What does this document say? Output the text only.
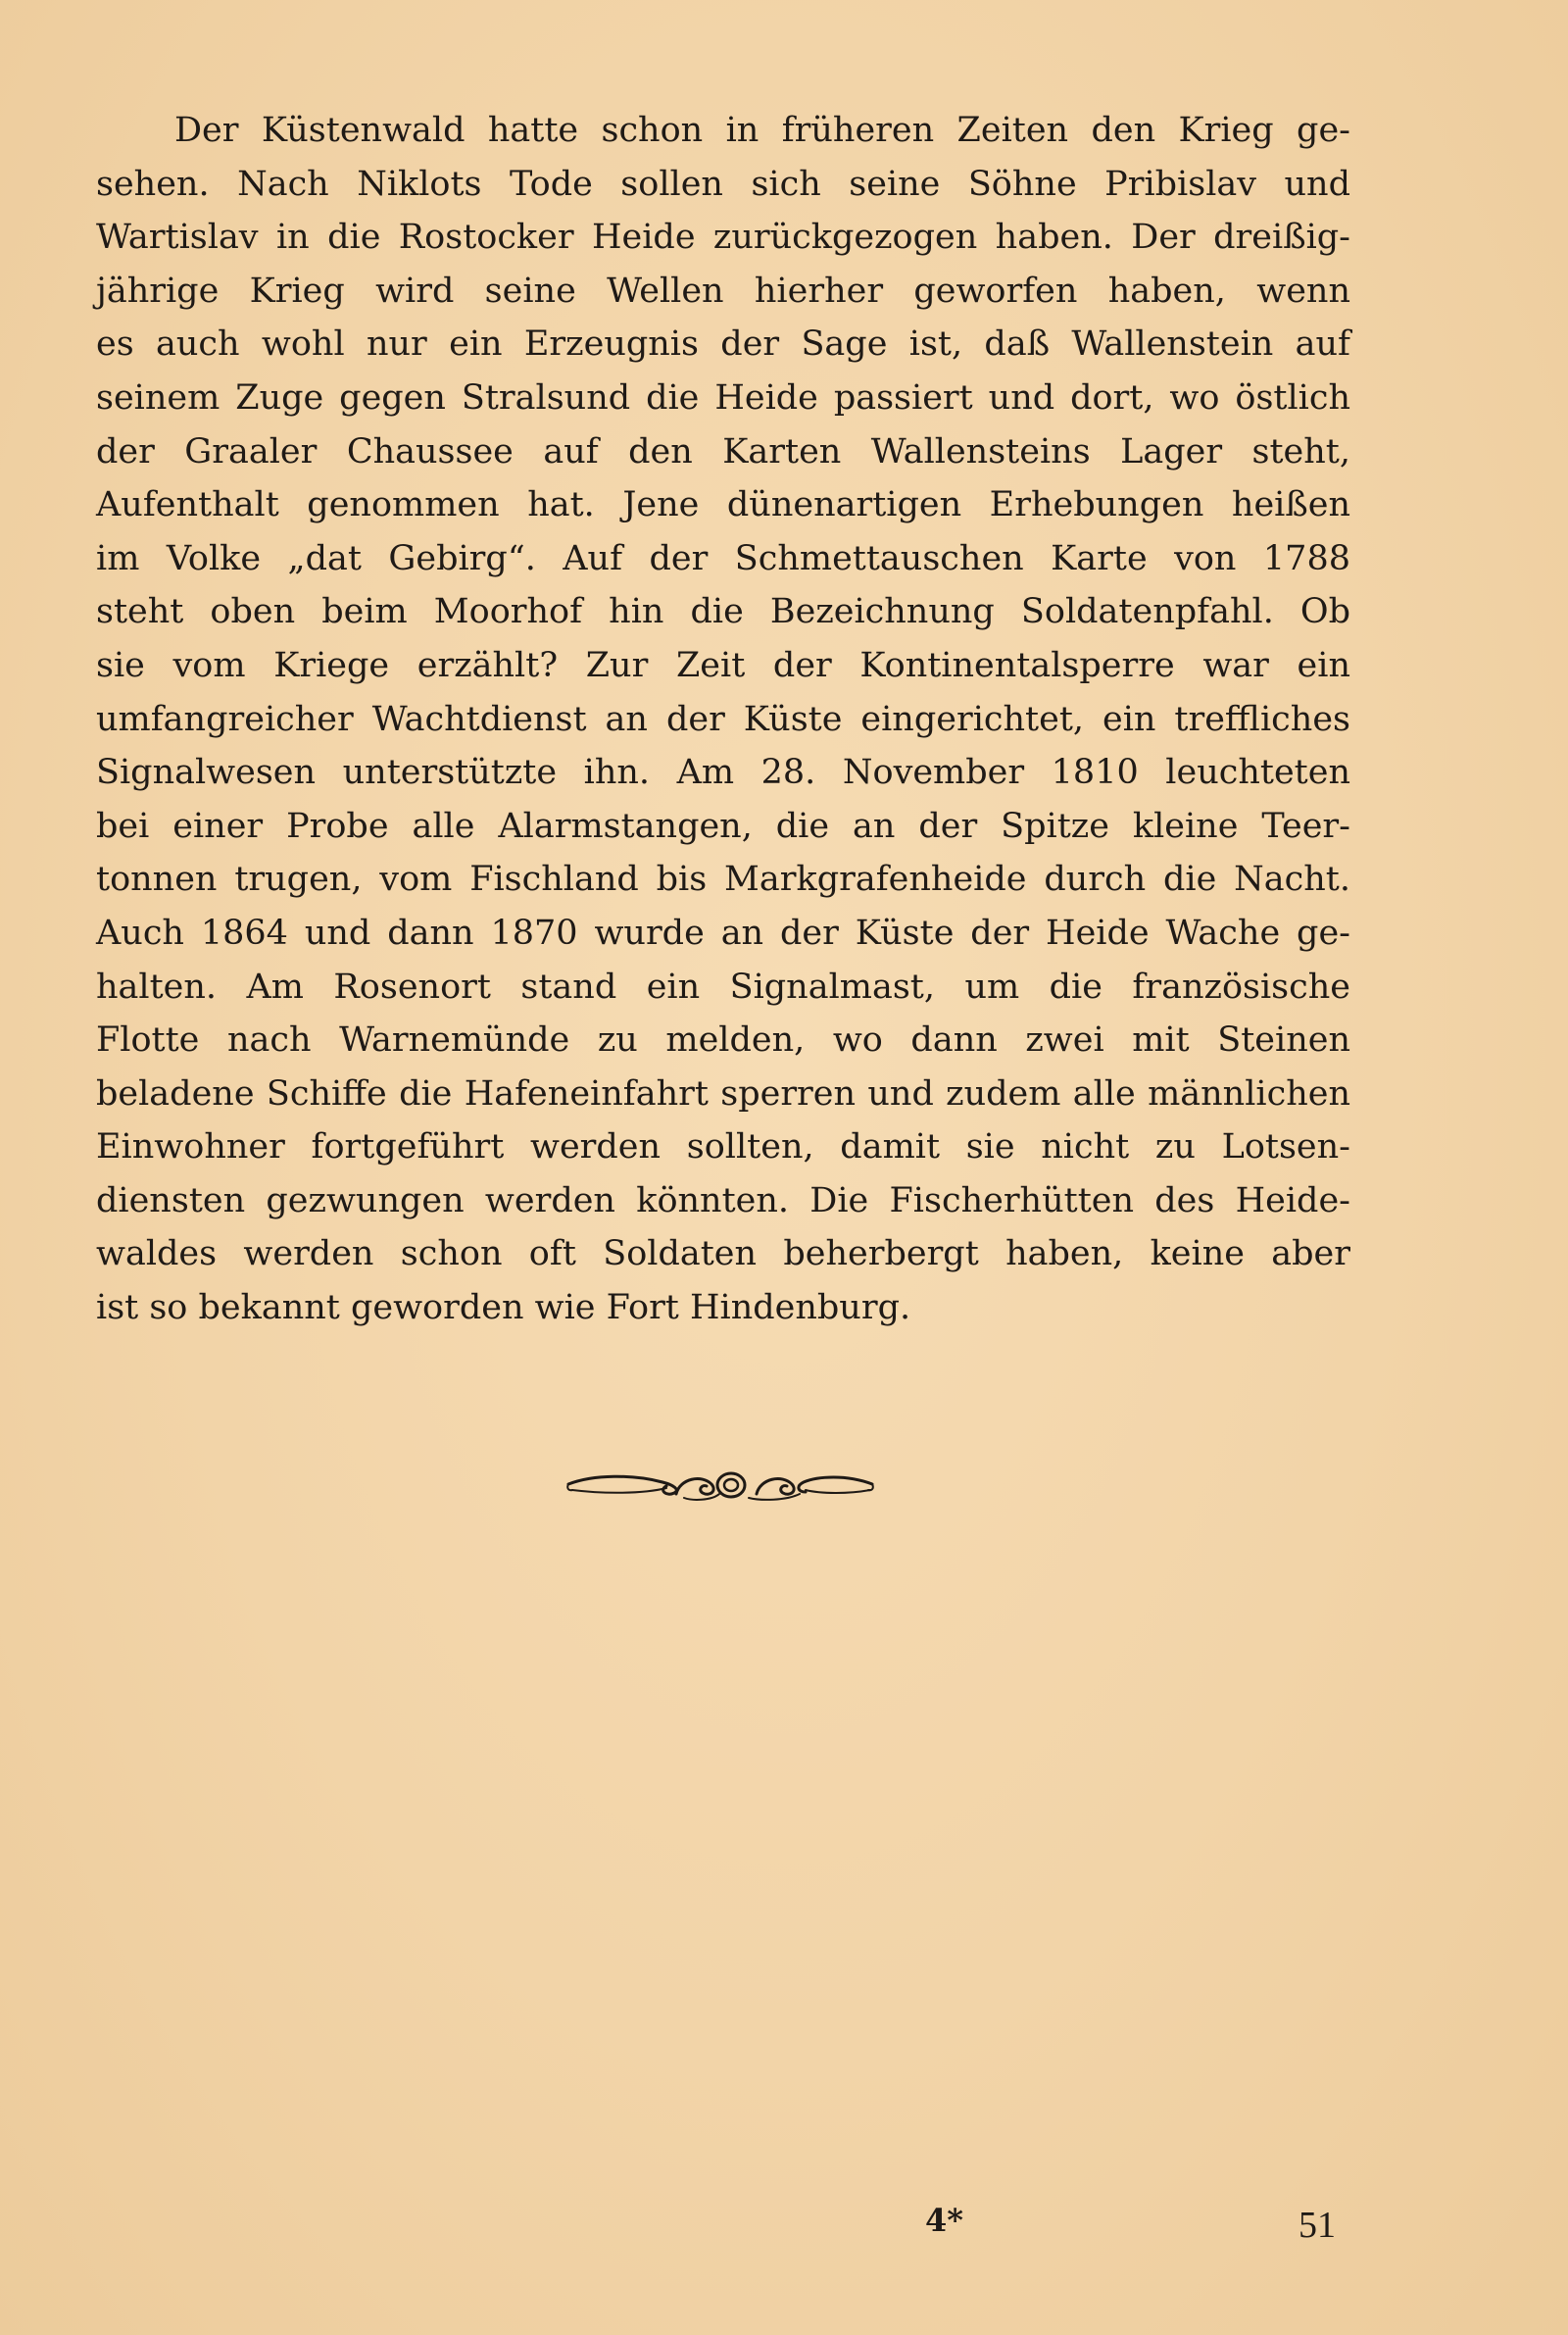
Der Küstenwald hatte schon in früheren Zeiten den Krieg ge-
sehen. Nach Niklots Tode sollen sich seine Söhne Pribislav und
Wartislav in die Rostocker Heide zurückgezogen haben. Der dreißig-
jährige Krieg wird seine Wellen hierher geworfen haben, wenn
es auch wohl nur ein Erzeugnis der Sage ist, daß Wallenstein auf
seinem Zuge gegen Stralsund die Heide passiert und dort, wo östlich
der Graaler Chaussee auf den Karten Wallensteins Lager steht,
Aufenthalt genommen hat. Jene dünenartigen Erhebungen heißen
im Volke „dat Gebirg“. Auf der Schmettauschen Karte von 1788
steht oben beim Moorhof hin die Bezeichnung Soldatenpfahl. Ob
sie vom Kriege erzählt? Zur Zeit der Kontinentalsperre war ein
umfangreicher Wachtdienst an der Küste eingerichtet, ein treffliches
Signalwesen unterstützte ihn. Am 28. November 1810 leuchteten
bei einer Probe alle Alarmstangen, die an der Spitze kleine Teer-
tonnen trugen, vom Fischland bis Markgrafenheide durch die Nacht.
Auch 1864 und dann 1870 wurde an der Küste der Heide Wache ge-
halten. Am Rosenort stand ein Signalmast, um die französische
Flotte nach Warnemünde zu melden, wo dann zwei mit Steinen
beladene Schiffe die Hafeneinfahrt sperren und zudem alle männlichen
Einwohner fortgeführt werden sollten, damit sie nicht zu Lotsen-
diensten gezwungen werden könnten. Die Fischerhütten des Heide-
waldes werden schon oft Soldaten beherbergt haben, keine aber
ist so bekannt geworden wie Fort Hindenburg.
4*	51
